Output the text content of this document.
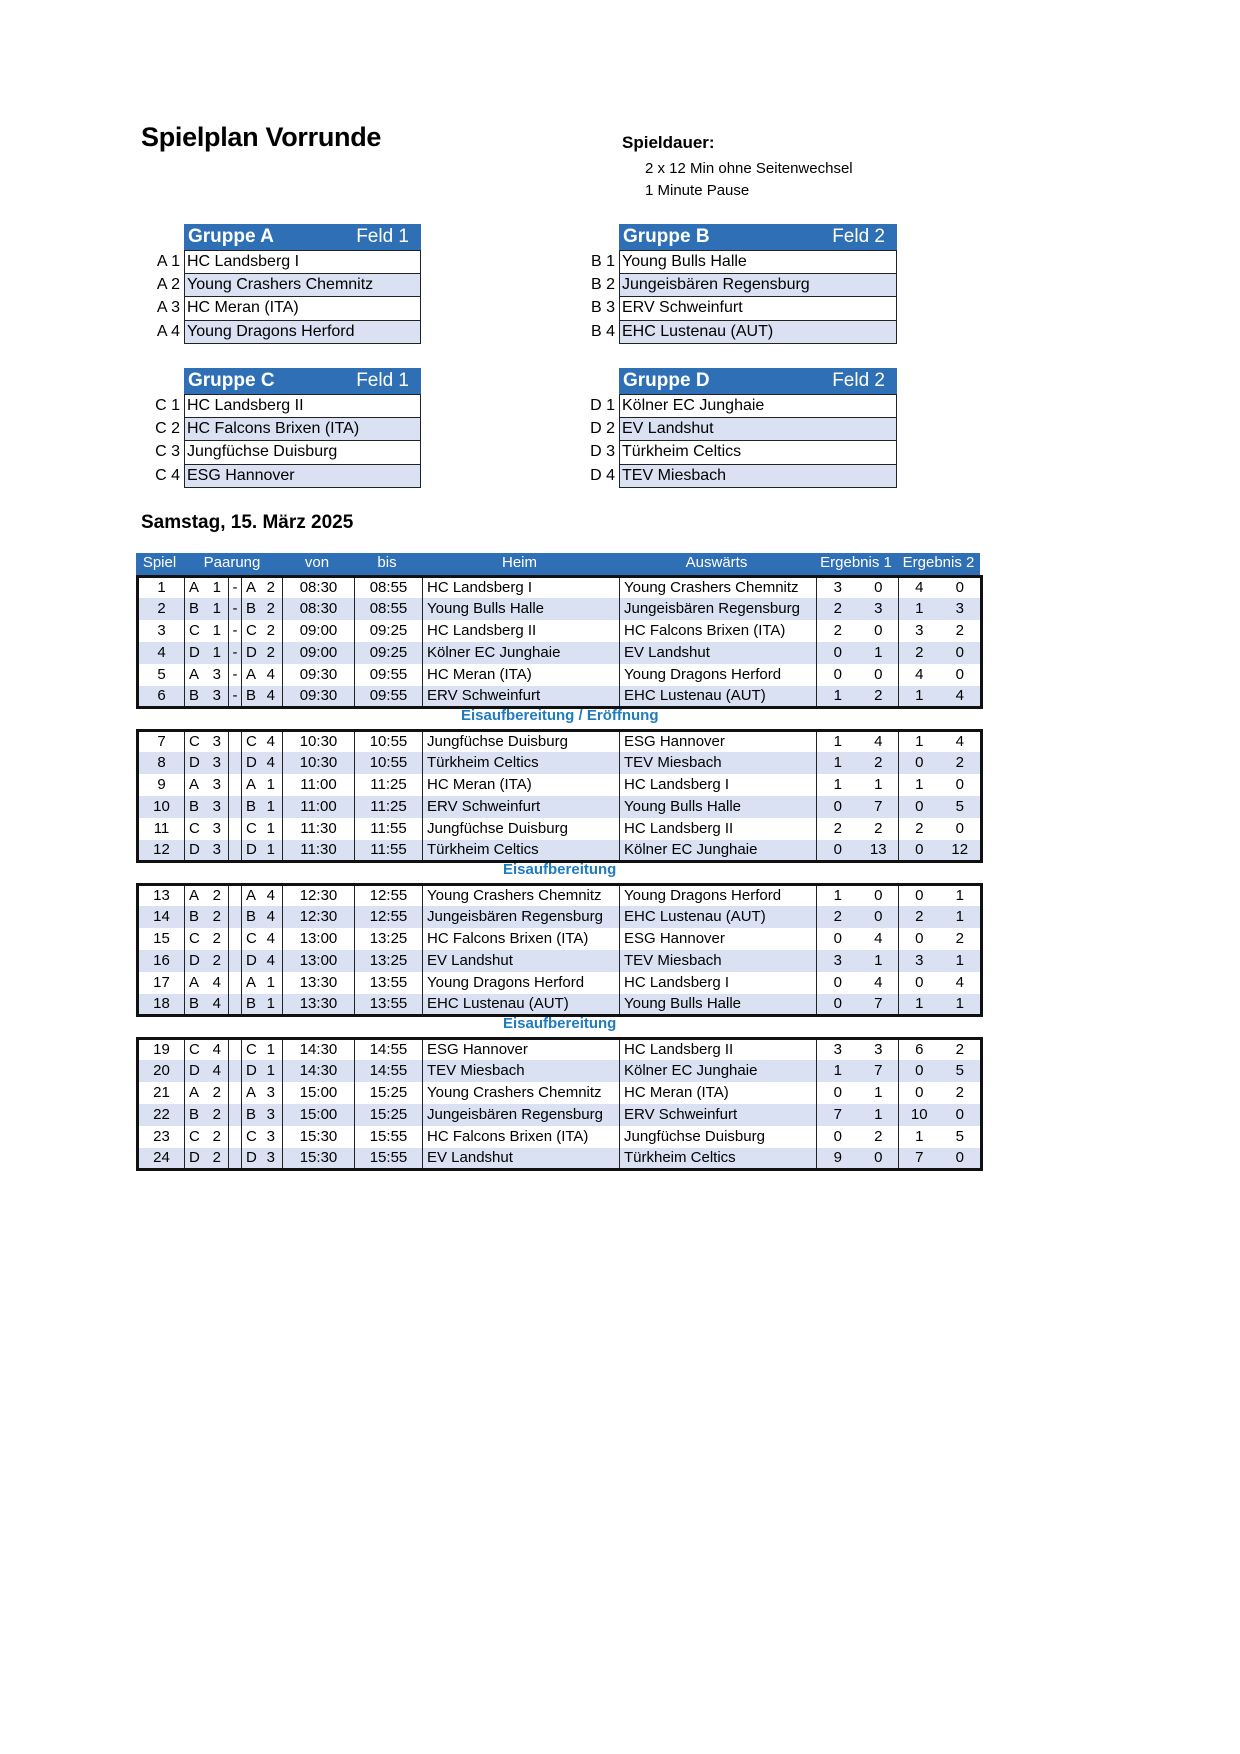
Spielplan Vorrunde	Spieldauer:
2 x 12 Min ohne Seitenwechsel
1 Minute Pause
Gruppe A	Feld 1
A 1 HC Landsberg I
A 2 Young Crashers Chemnitz
A 3 HC Meran (ITA)
A 4 Young Dragons Herford
Gruppe B	Feld 2
B 1 Young Bulls Halle
B 2 Jungeisbären Regensburg
B 3 ERV Schweinfurt
B 4 EHC Lustenau (AUT)
Gruppe C	Feld 1
C 1 HC Landsberg II
C 2 HC Falcons Brixen (ITA)
C 3 Jungfüchse Duisburg
C 4 ESG Hannover
Gruppe D	Feld 2
D 1 Kölner EC Junghaie
D 2 EV Landshut
D 3 Türkheim Celtics
D 4 TEV Miesbach
Samstag, 15. März 2025
Spiel	Paarung	von	bis	Heim	Auswärts	Ergebnis 1 Ergebnis 2
1	A	1	-	A	2	08:30	08:55	HC Landsberg I	Young Crashers Chemnitz	3	0	4	0
2	B	1	-	B	2	08:30	08:55	Young Bulls Halle	Jungeisbären Regensburg	2	3	1	3
3	C	1	-	C	2	09:00	09:25	HC Landsberg II	HC Falcons Brixen (ITA)	2	0	3	2
4	D	1	-	D	2	09:00	09:25	Kölner EC Junghaie	EV Landshut	0	1	2	0
5	A	3	-	A	4	09:30	09:55	HC Meran (ITA)	Young Dragons Herford	0	0	4	0
6	B	3	-	B	4	09:30	09:55	ERV Schweinfurt	EHC Lustenau (AUT)	1	2	1	4
Eisaufbereitung / Eröffnung
7	C	3		C	4	10:30	10:55	Jungfüchse Duisburg	ESG Hannover	1	4	1	4
8	D	3		D	4	10:30	10:55	Türkheim Celtics	TEV Miesbach	1	2	0	2
9	A	3		A	1	11:00	11:25	HC Meran (ITA)	HC Landsberg I	1	1	1	0
10	B	3		B	1	11:00	11:25	ERV Schweinfurt	Young Bulls Halle	0	7	0	5
11	C	3		C	1	11:30	11:55	Jungfüchse Duisburg	HC Landsberg II	2	2	2	0
12	D	3		D	1	11:30	11:55	Türkheim Celtics	Kölner EC Junghaie	0	13	0	12
Eisaufbereitung
13	A	2		A	4	12:30	12:55	Young Crashers Chemnitz	Young Dragons Herford	1	0	0	1
14	B	2		B	4	12:30	12:55	Jungeisbären Regensburg	EHC Lustenau (AUT)	2	0	2	1
15	C	2		C	4	13:00	13:25	HC Falcons Brixen (ITA)	ESG Hannover	0	4	0	2
16	D	2		D	4	13:00	13:25	EV Landshut	TEV Miesbach	3	1	3	1
17	A	4		A	1	13:30	13:55	Young Dragons Herford	HC Landsberg I	0	4	0	4
18	B	4		B	1	13:30	13:55	EHC Lustenau (AUT)	Young Bulls Halle	0	7	1	1
Eisaufbereitung
19	C	4		C	1	14:30	14:55	ESG Hannover	HC Landsberg II	3	3	6	2
20	D	4		D	1	14:30	14:55	TEV Miesbach	Kölner EC Junghaie	1	7	0	5
21	A	2		A	3	15:00	15:25	Young Crashers Chemnitz	HC Meran (ITA)	0	1	0	2
22	B	2		B	3	15:00	15:25	Jungeisbären Regensburg	ERV Schweinfurt	7	1	10	0
23	C	2		C	3	15:30	15:55	HC Falcons Brixen (ITA)	Jungfüchse Duisburg	0	2	1	5
24	D	2		D	3	15:30	15:55	EV Landshut	Türkheim Celtics	9	0	7	0
